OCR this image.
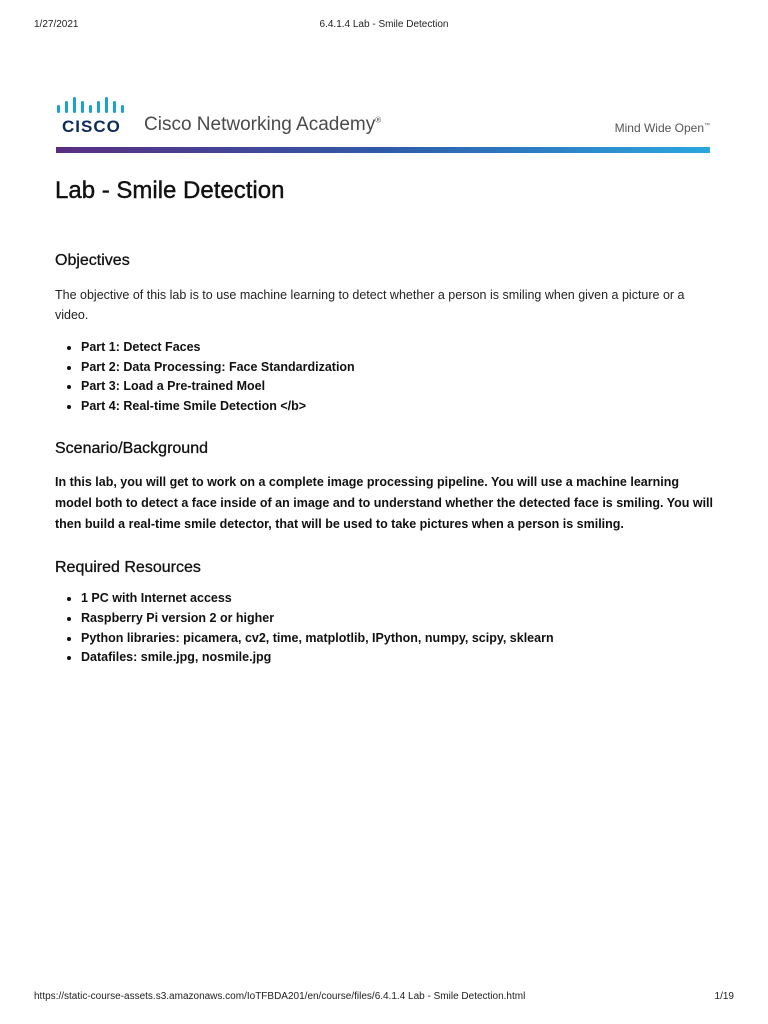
1/27/2021	6.4.1.4 Lab - Smile Detection
CISCO Cisco Networking Academy®
Mind Wide Open™
Lab - Smile Detection
Objectives

The objective of this lab is to use machine learning to detect whether a person is smiling when given a picture or a video.

• Part 1: Detect Faces
• Part 2: Data Processing: Face Standardization
• Part 3: Load a Pre-trained Moel
• Part 4: Real-time Smile Detection </b>
Scenario/Background

In this lab, you will get to work on a complete image processing pipeline. You will use a machine learning model both to detect a face inside of an image and to understand whether the detected face is smiling. You will then build a real-time smile detector, that will be used to take pictures when a person is smiling.

Required Resources
• 1 PC with Internet access
• Raspberry Pi version 2 or higher
• Python libraries: picamera, cv2, time, matplotlib, IPython, numpy, scipy, sklearn
• Datafiles: smile.jpg, nosmile.jpg
https://static-course-assets.s3.amazonaws.com/IoTFBDA201/en/course/files/6.4.1.4 Lab - Smile Detection.html	1/19
